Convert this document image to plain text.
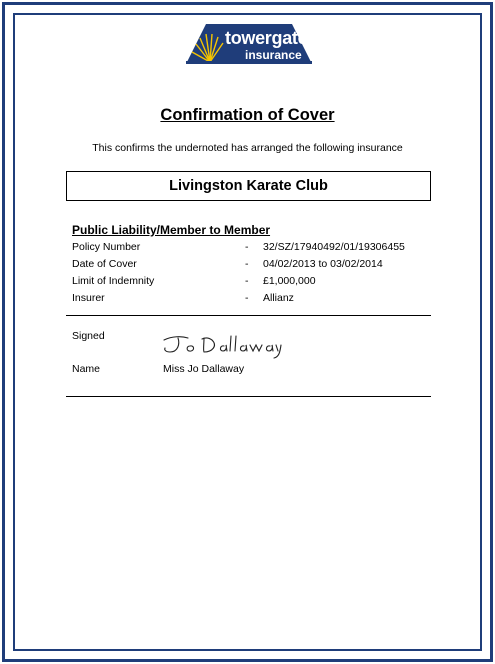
towergate
insurance
Confirmation of Cover
This confirms the undernoted has arranged the following insurance
Livingston Karate Club
Public Liability/Member to Member
Policy Number	- 32/SZ/17940492/01/19306455
Date of Cover	- 04/02/2013 to 03/02/2014
Limit of Indemnity	- £1,000,000
Insurer	- Allianz
Signed
Name	Miss Jo Dallaway
